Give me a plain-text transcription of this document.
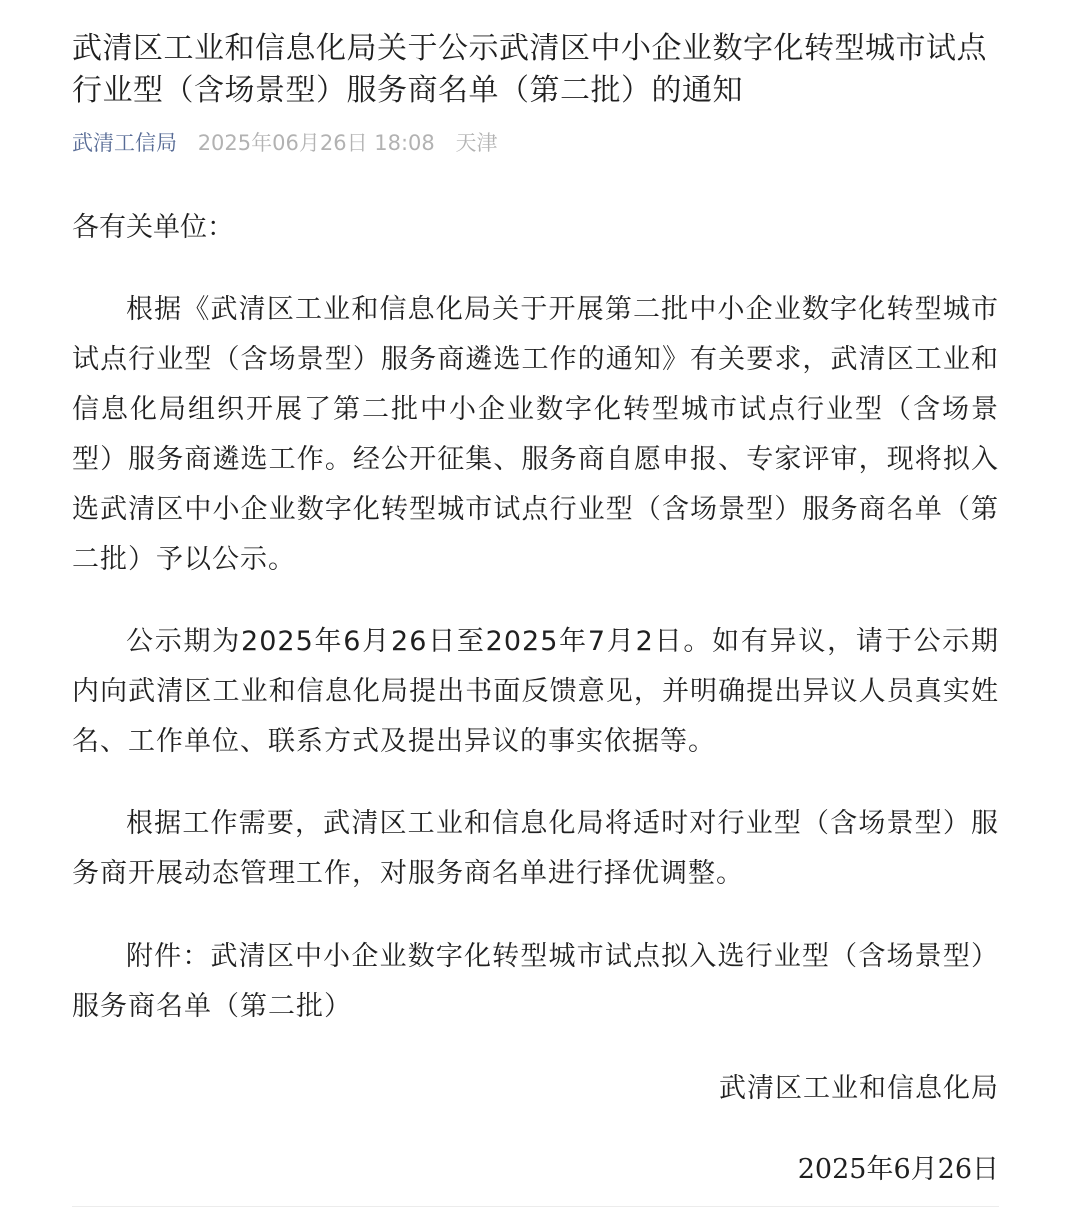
武清区工业和信息化局关于公示武清区中小企业数字化转型城市试点行业型（含场景型）服务商名单（第二批）的通知
武清工信局 2025年06月26日 18:08 天津

各有关单位：

根据《武清区工业和信息化局关于开展第二批中小企业数字化转型城市试点行业型（含场景型）服务商遴选工作的通知》有关要求，武清区工业和信息化局组织开展了第二批中小企业数字化转型城市试点行业型（含场景型）服务商遴选工作。经公开征集、服务商自愿申报、专家评审，现将拟入选武清区中小企业数字化转型城市试点行业型（含场景型）服务商名单（第二批）予以公示。

公示期为2025年6月26日至2025年7月2日。如有异议，请于公示期内向武清区工业和信息化局提出书面反馈意见，并明确提出异议人员真实姓名、工作单位、联系方式及提出异议的事实依据等。

根据工作需要，武清区工业和信息化局将适时对行业型（含场景型）服务商开展动态管理工作，对服务商名单进行择优调整。

附件：武清区中小企业数字化转型城市试点拟入选行业型（含场景型）服务商名单（第二批）

武清区工业和信息化局

2025年6月26日
